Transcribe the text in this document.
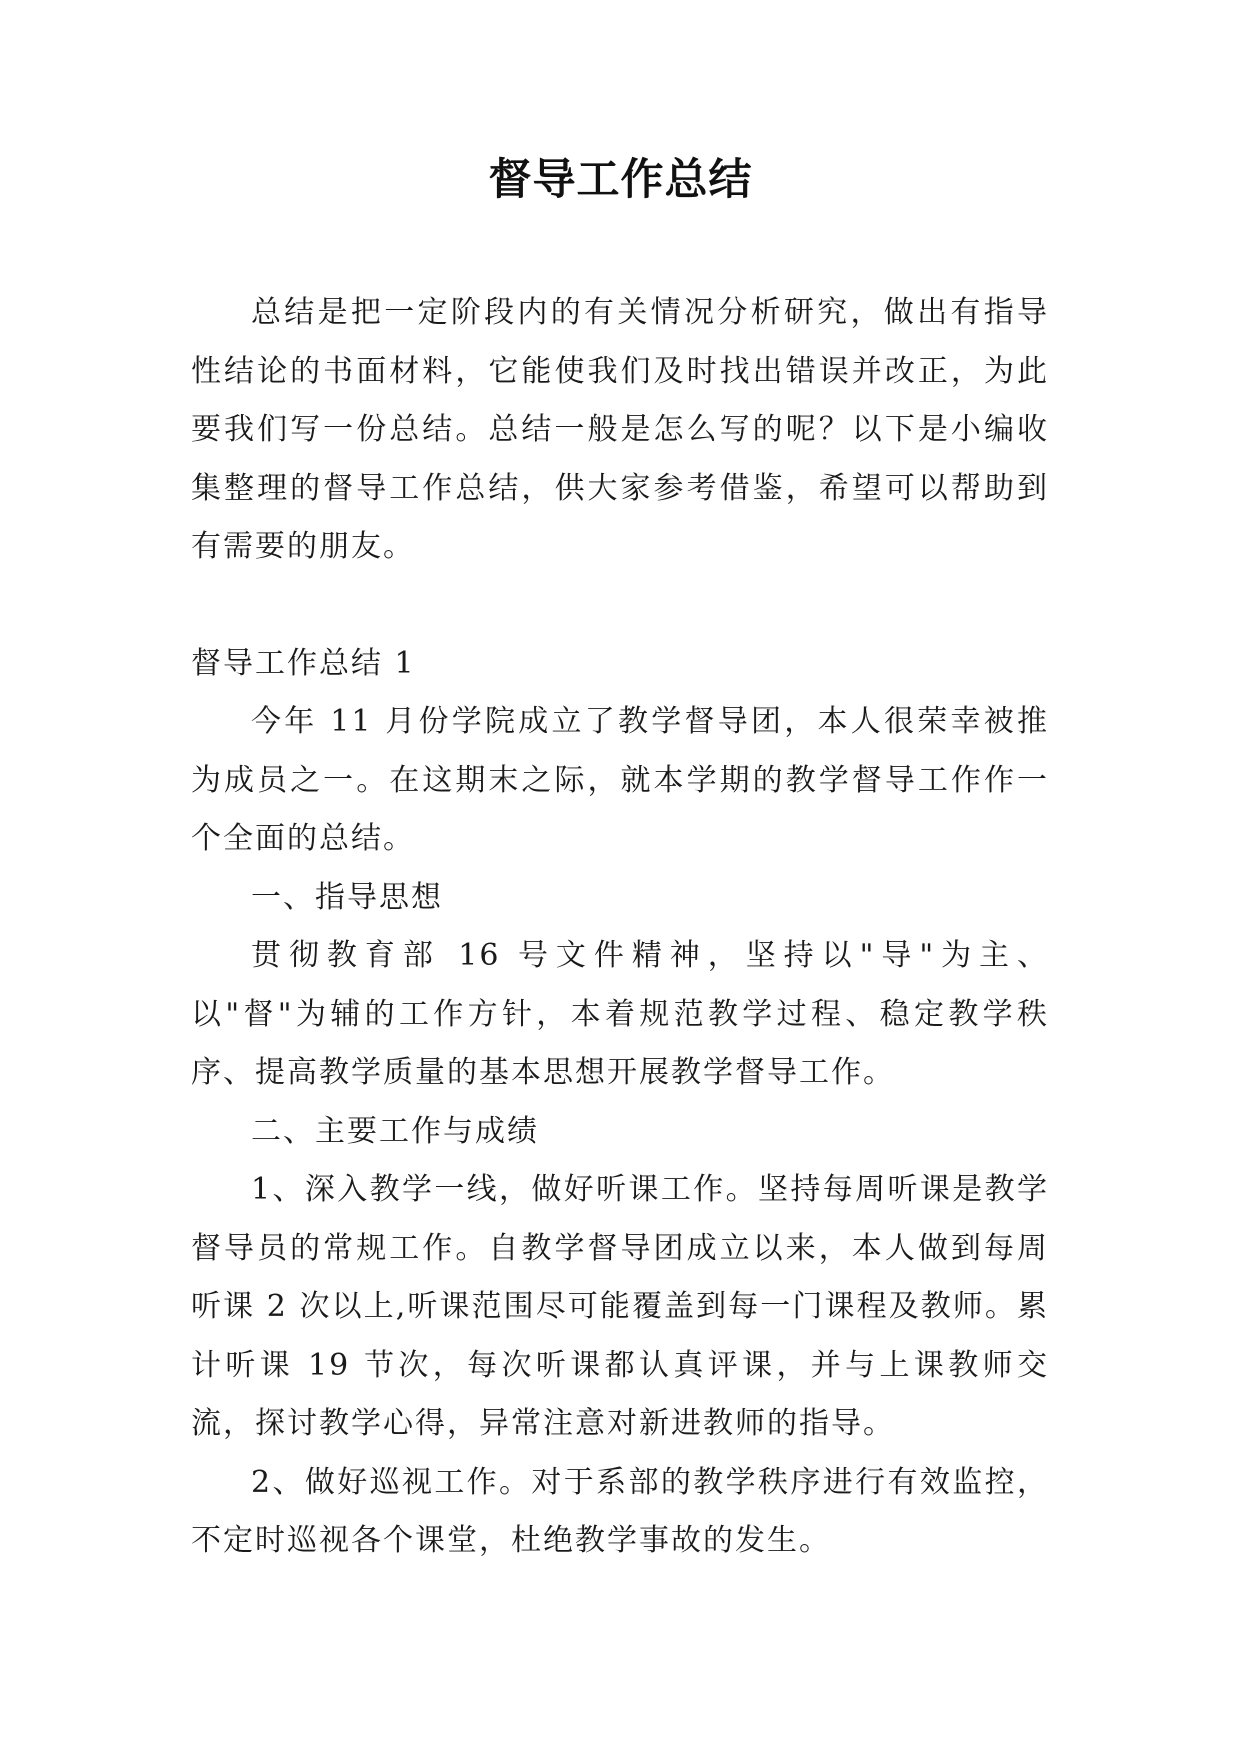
督导工作总结

总结是把一定阶段内的有关情况分析研究，做出有指导性结论的书面材料，它能使我们及时找出错误并改正，为此要我们写一份总结。总结一般是怎么写的呢？以下是小编收集整理的督导工作总结，供大家参考借鉴，希望可以帮助到有需要的朋友。

督导工作总结 1

今年 11 月份学院成立了教学督导团，本人很荣幸被推为成员之一。在这期末之际，就本学期的教学督导工作作一个全面的总结。

一、指导思想

贯彻教育部 16 号文件精神，坚持以"导"为主、以"督"为辅的工作方针，本着规范教学过程、稳定教学秩序、提高教学质量的基本思想开展教学督导工作。

二、主要工作与成绩

1、深入教学一线，做好听课工作。坚持每周听课是教学督导员的常规工作。自教学督导团成立以来，本人做到每周听课 2 次以上,听课范围尽可能覆盖到每一门课程及教师。累计听课 19 节次，每次听课都认真评课，并与上课教师交流，探讨教学心得，异常注意对新进教师的指导。

2、做好巡视工作。对于系部的教学秩序进行有效监控，不定时巡视各个课堂，杜绝教学事故的发生。
